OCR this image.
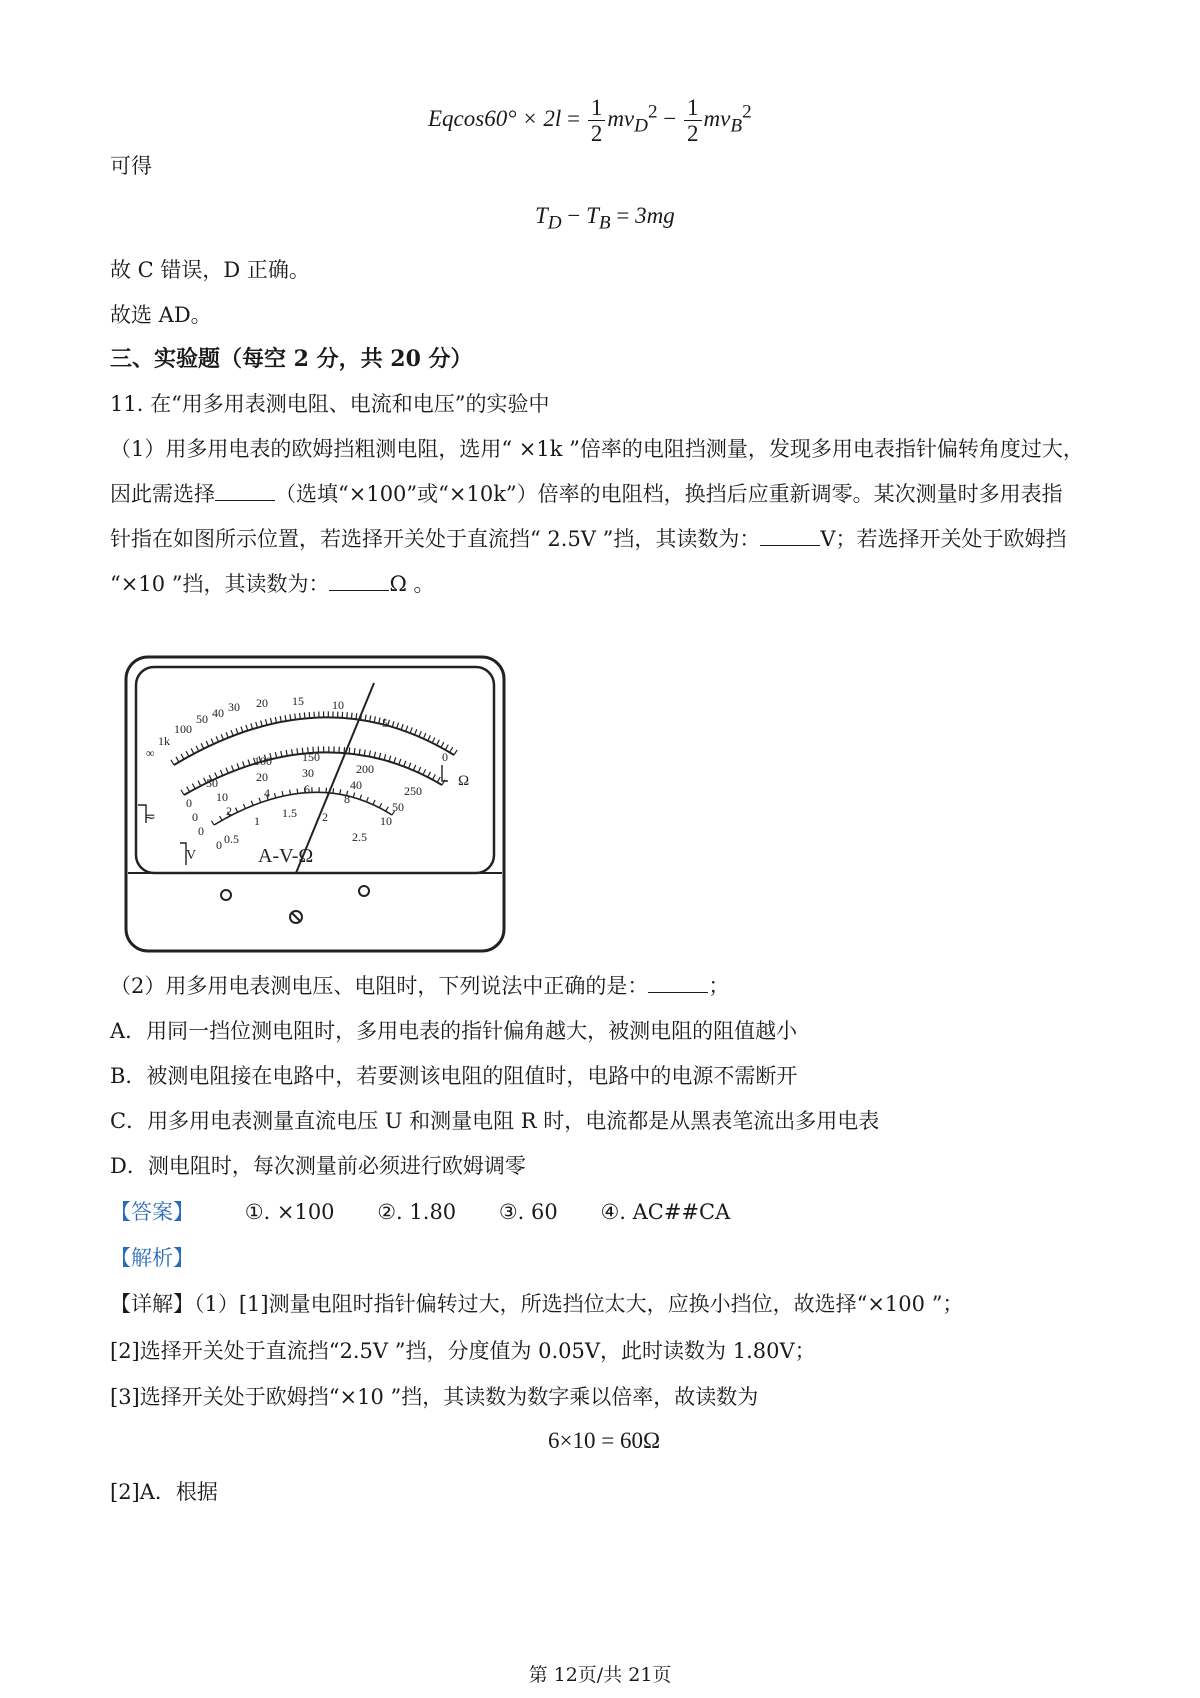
$Eqcos60^\circ \times 2l = \frac{1}{2} mv_D^2 - \frac{1}{2} mv_B^2$
可得
$T_D - T_B = 3mg$
故 C 错误，D 正确。
故选 AD。
三、实验题（每空 2 分，共 20 分）
11. 在“用多用表测电阻、电流和电压”的实验中
（1）用多用电表的欧姆挡粗测电阻，选用“ ×1k ”倍率的电阻挡测量，发现多用电表指针偏转角度过大，
因此需选择	（选填“×100”或“×10k”）倍率的电阻档，换挡后应重新调零。某次测量时多用表指
针指在如图所示位置，若选择开关处于直流挡“ 2.5V ”挡，其读数为：	V；若选择开关处于欧姆挡
“×10 ”挡，其读数为：	Ω 。
∞
1k
100
50 40 30 20 15 10
5
0
Ω
50
100	150
200
250
10
20	30
40
50
2
4	6
8
10
0
0
0
0 0.5
1
1.5 2
2.5
≂
V	A-V-Ω
（2）用多用电表测电压、电阻时，下列说法中正确的是：	；
A．用同一挡位测电阻时，多用电表的指针偏角越大，被测电阻的阻值越小
B．被测电阻接在电路中，若要测该电阻的阻值时，电路中的电源不需断开
C．用多用电表测量直流电压 U 和测量电阻 R 时，电流都是从黑表笔流出多用电表
D．测电阻时，每次测量前必须进行欧姆调零
【答案】 ①. ×100 ②. 1.80 ③. 60 ④. AC##CA
【解析】
【详解】（1）[1]测量电阻时指针偏转过大，所选挡位太大，应换小挡位，故选择“×100 ”；
[2]选择开关处于直流挡“2.5V ”挡，分度值为 0.05V，此时读数为 1.80V；
[3]选择开关处于欧姆挡“×10 ”挡，其读数为数字乘以倍率，故读数为
6×10 = 60Ω
[2]A．根据
第 12页/共 21页
